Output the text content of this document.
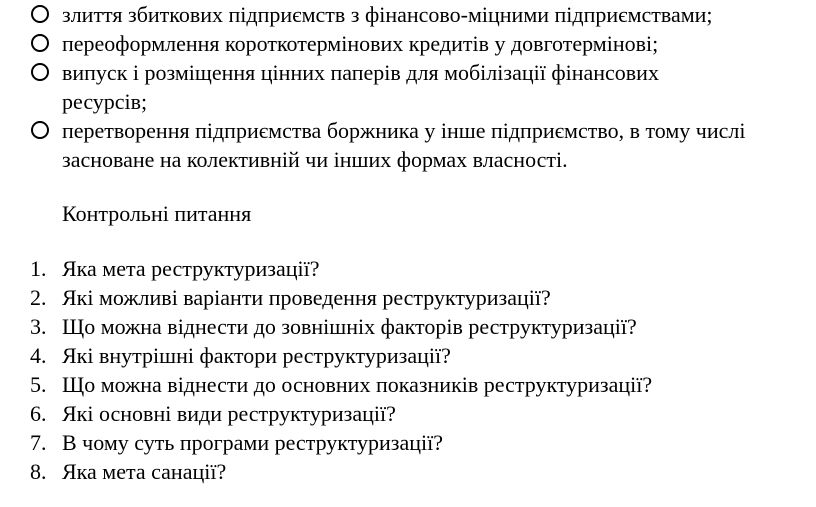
злиття збиткових підприємств з фінансово-міцними підприємствами;
переоформлення короткотермінових кредитів у довготермінові;
випуск і розміщення цінних паперів для мобілізації фінансових ресурсів;
перетворення підприємства боржника у інше підприємство, в тому числі засноване на колективній чи інших формах власності.
Контрольні питання
1. Яка мета реструктуризації?
2. Які можливі варіанти проведення реструктуризації?
3. Що можна віднести до зовнішніх факторів реструктуризації?
4. Які внутрішні фактори реструктуризації?
5. Що можна віднести до основних показників реструктуризації?
6. Які основні види реструктуризації?
7. В чому суть програми реструктуризації?
8. Яка мета санації?
